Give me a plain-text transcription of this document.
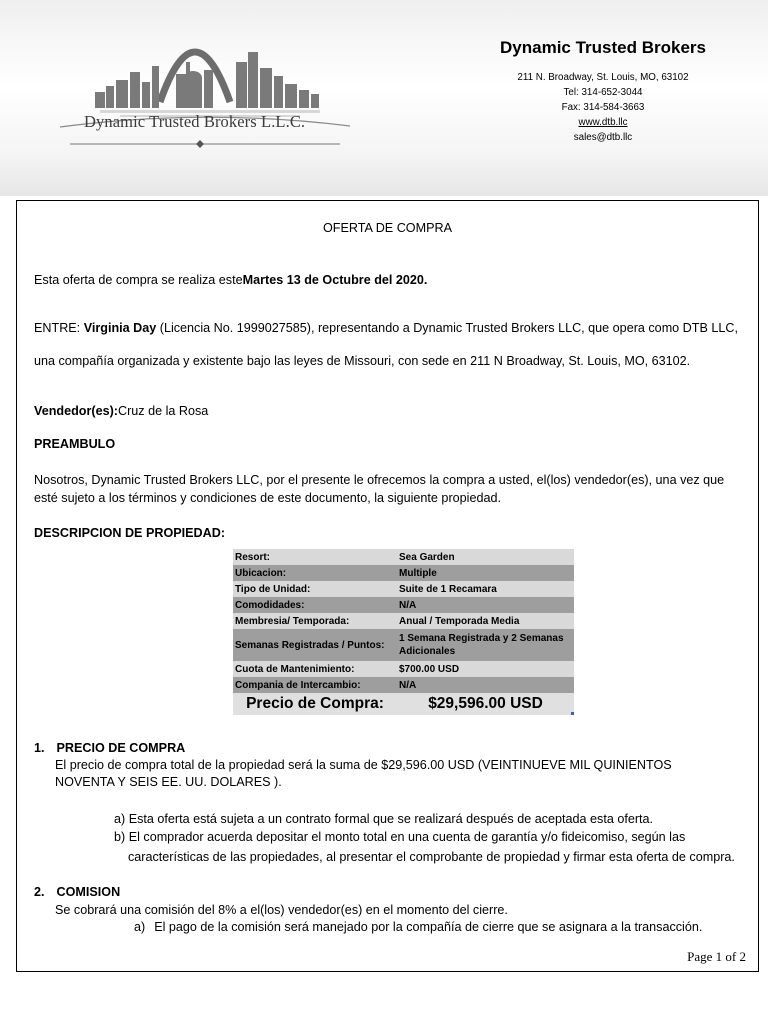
Dynamic Trusted Brokers L.L.C.
Dynamic Trusted Brokers
211 N. Broadway, St. Louis, MO, 63102
Tel: 314-652-3044
Fax: 314-584-3663
www.dtb.llc
sales@dtb.llc
OFERTA DE COMPRA
Esta oferta de compra se realiza esteMartes 13 de Octubre del 2020.
ENTRE: Virginia Day (Licencia No. 1999027585), representando a Dynamic Trusted Brokers LLC, que opera como DTB LLC,
una compañía organizada y existente bajo las leyes de Missouri, con sede en 211 N Broadway, St. Louis, MO, 63102.
Vendedor(es):Cruz de la Rosa
PREAMBULO
Nosotros, Dynamic Trusted Brokers LLC, por el presente le ofrecemos la compra a usted, el(los) vendedor(es), una vez que
esté sujeto a los términos y condiciones de este documento, la siguiente propiedad.
DESCRIPCION DE PROPIEDAD:
Resort:	Sea Garden
Ubicacion:	Multiple
Tipo de Unidad:	Suite de 1 Recamara
Comodidades:	N/A
Membresia/ Temporada:	Anual / Temporada Media
Semanas Registradas / Puntos:	1 Semana Registrada y 2 Semanas
Adicionales

Cuota de Mantenimiento:	$700.00 USD
Compania de Intercambio:	N/A
Precio de Compra:	$29,596.00 USD
1. PRECIO DE COMPRA
El precio de compra total de la propiedad será la suma de $29,596.00 USD (VEINTINUEVE MIL QUINIENTOS
NOVENTA Y SEIS EE. UU. DOLARES ).
a) Esta oferta está sujeta a un contrato formal que se realizará después de aceptada esta oferta.
b) El comprador acuerda depositar el monto total en una cuenta de garantía y/o fideicomiso, según las
características de las propiedades, al presentar el comprobante de propiedad y firmar esta oferta de compra.
2. COMISION
Se cobrará una comisión del 8% a el(los) vendedor(es) en el momento del cierre.
a) El pago de la comisión será manejado por la compañía de cierre que se asignara a la transacción.
Page 1 of 2
